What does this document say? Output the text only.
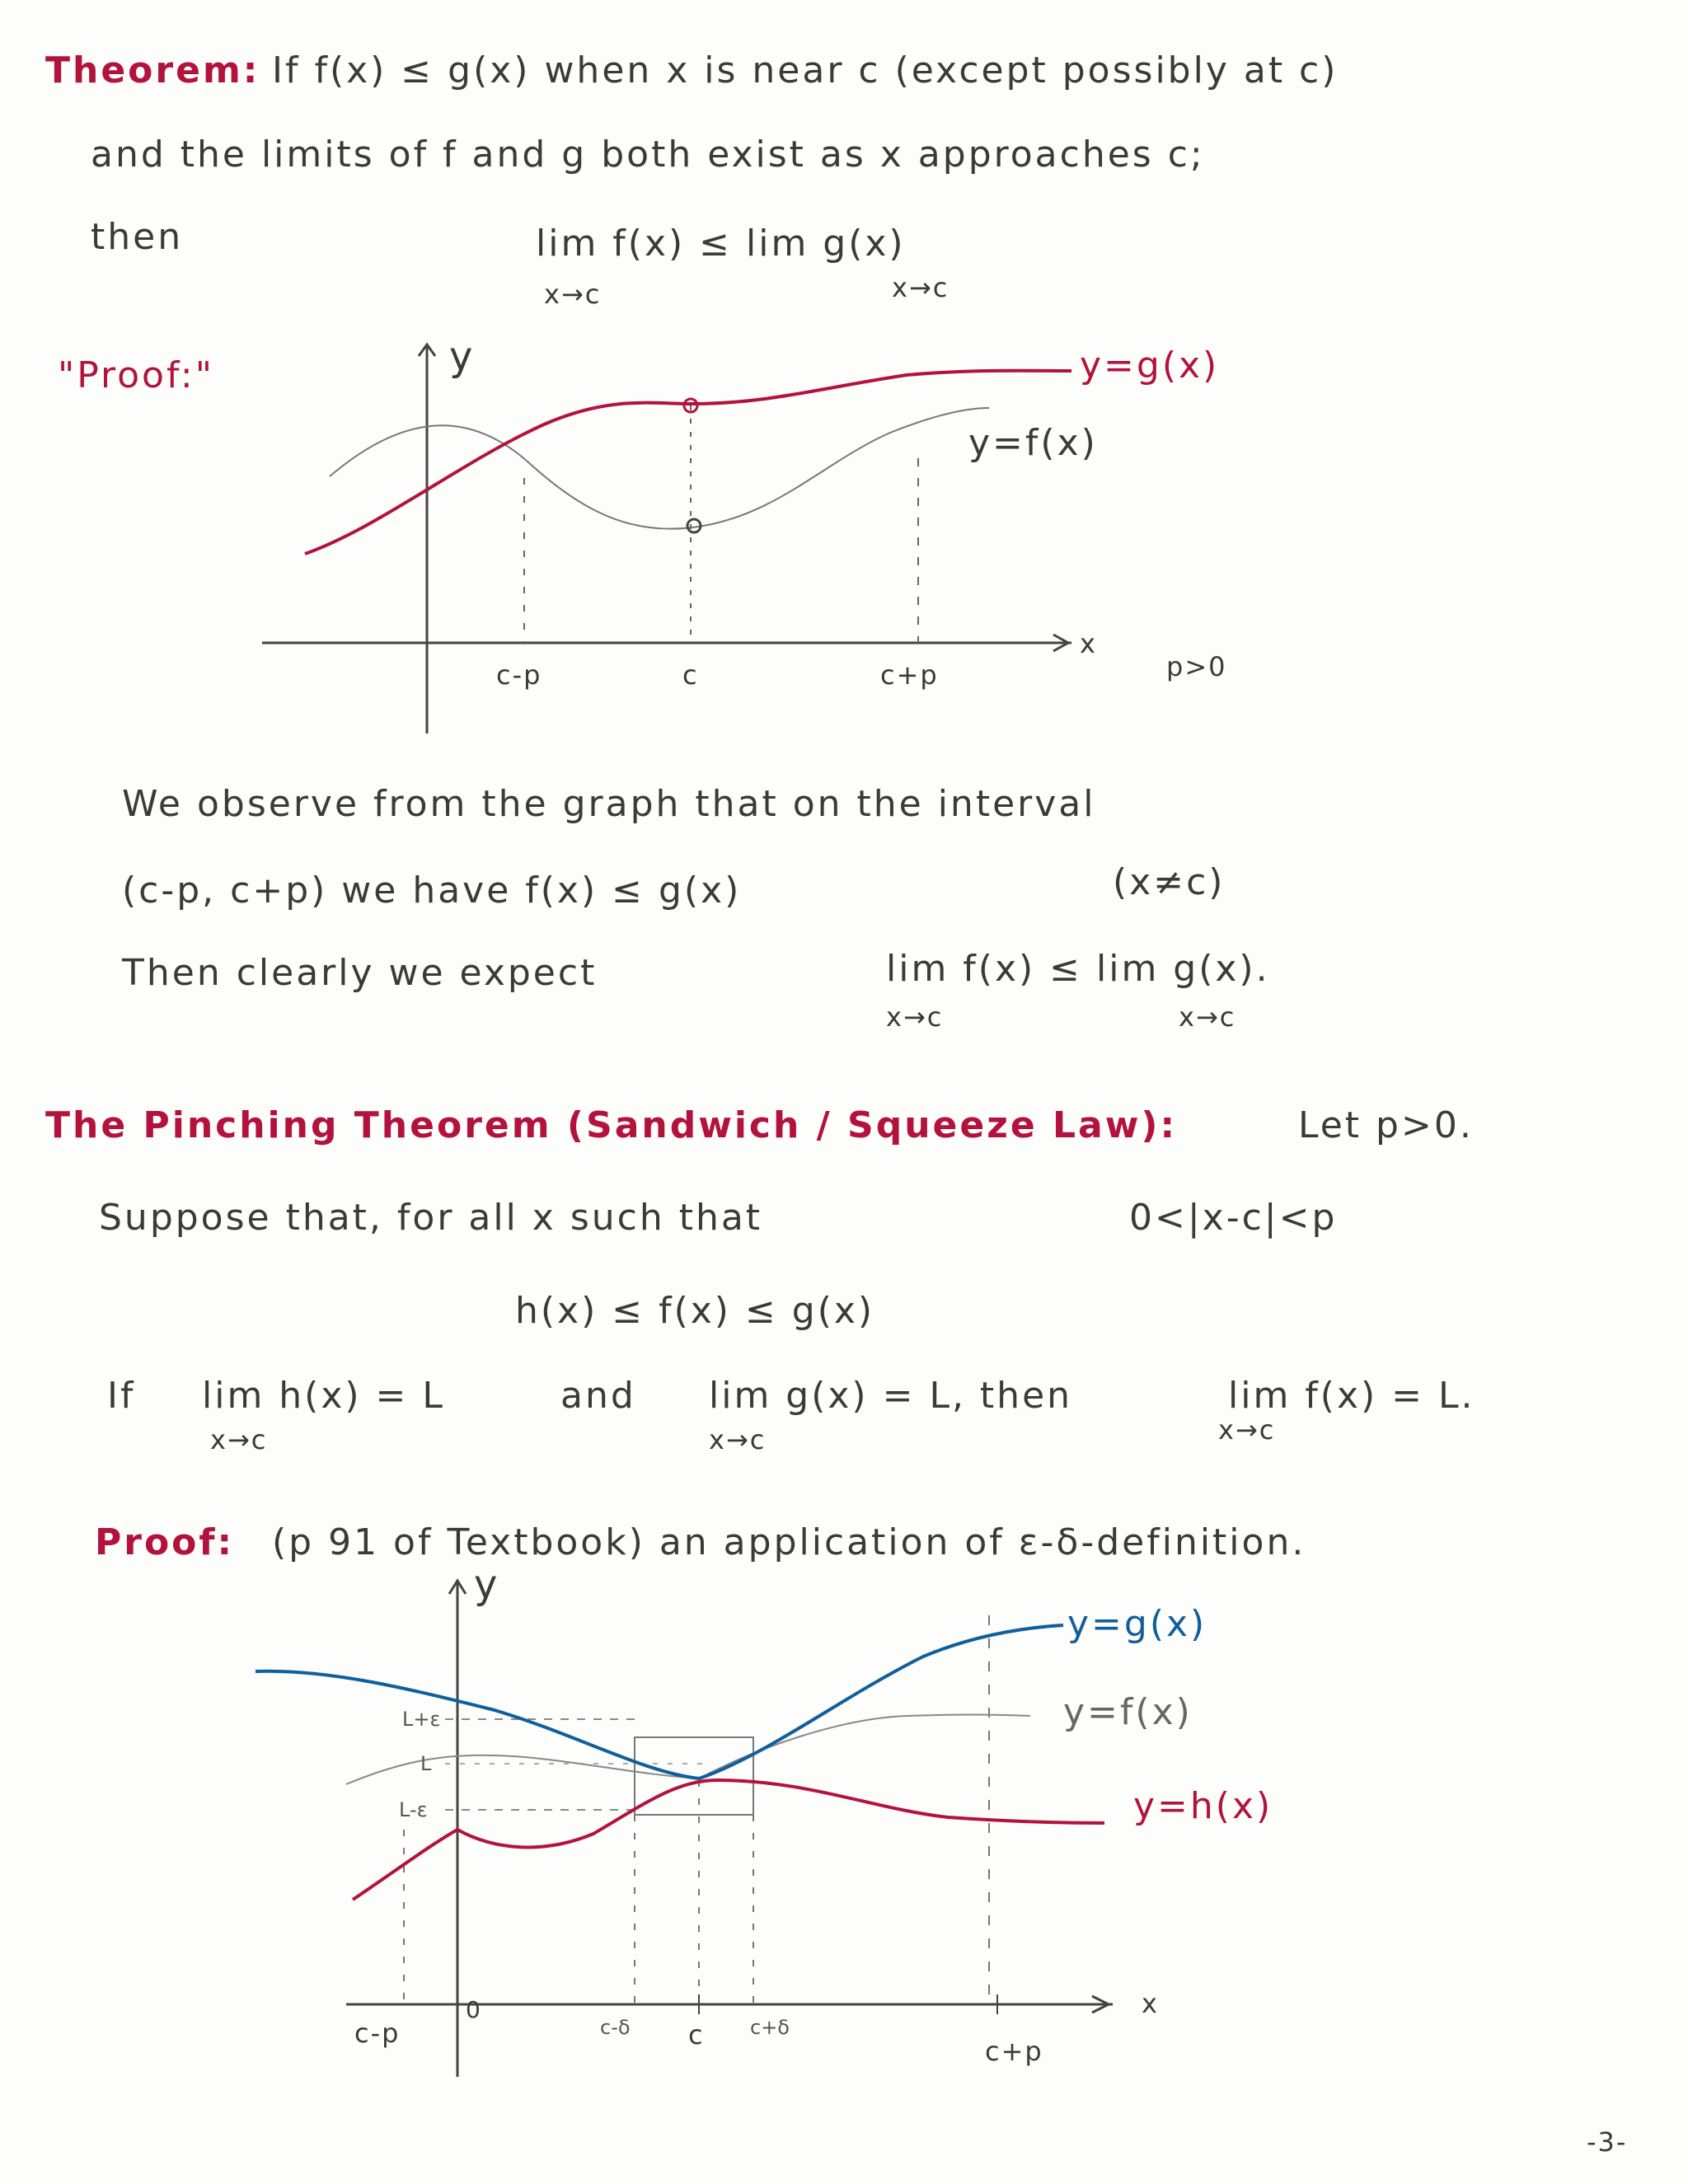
Theorem: If f(x) ≤ g(x) when x is near c (except possibly at c)
and the limits of f and g both exist as x approaches c;
then	lim f(x) ≤ lim g(x)
x→c	x→c
"Proof:"	y
x
y=g(x)
y=f(x)
c-p	c	c+p	p>0
We observe from the graph that on the interval
(c-p, c+p) we have f(x) ≤ g(x)	(x≠c)
Then clearly we expect	lim f(x) ≤ lim g(x).
x→c	x→c
The Pinching Theorem (Sandwich / Squeeze Law):	Let p>0.
Suppose that, for all x such that	0<|x-c|<p
h(x) ≤ f(x) ≤ g(x)
If lim h(x) = L	and lim g(x) = L, then	lim f(x) = L.
x→c	x→c	x→c
Proof: (p 91 of Textbook) an application of ε-δ-definition.
y
x
y=g(x)
y=f(x)
y=h(x)
L+ε
L
L-ε
c-p
0
c-δ c c+δ
c+p
-3-
